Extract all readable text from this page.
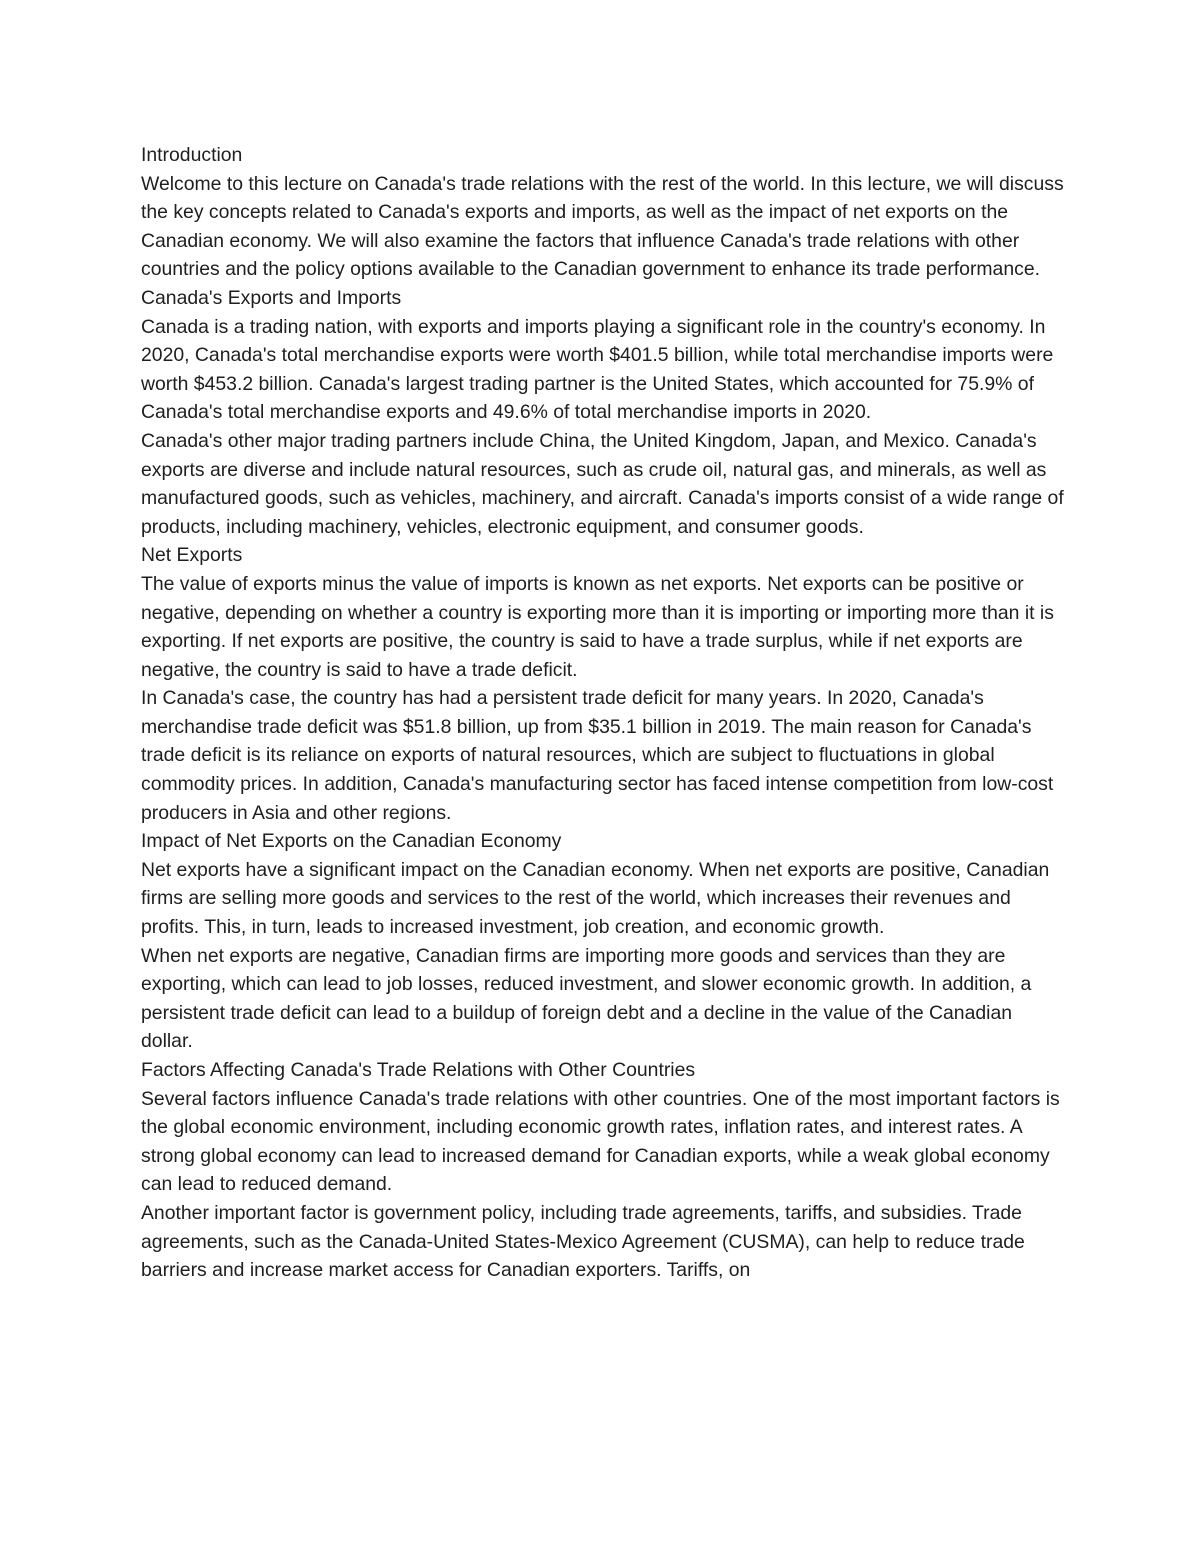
Introduction

Welcome to this lecture on Canada's trade relations with the rest of the world. In this lecture, we will discuss the key concepts related to Canada's exports and imports, as well as the impact of net exports on the Canadian economy. We will also examine the factors that influence Canada's trade relations with other countries and the policy options available to the Canadian government to enhance its trade performance.

Canada's Exports and Imports

Canada is a trading nation, with exports and imports playing a significant role in the country's economy. In 2020, Canada's total merchandise exports were worth $401.5 billion, while total merchandise imports were worth $453.2 billion. Canada's largest trading partner is the United States, which accounted for 75.9% of Canada's total merchandise exports and 49.6% of total merchandise imports in 2020.

Canada's other major trading partners include China, the United Kingdom, Japan, and Mexico. Canada's exports are diverse and include natural resources, such as crude oil, natural gas, and minerals, as well as manufactured goods, such as vehicles, machinery, and aircraft. Canada's imports consist of a wide range of products, including machinery, vehicles, electronic equipment, and consumer goods.

Net Exports

The value of exports minus the value of imports is known as net exports. Net exports can be positive or negative, depending on whether a country is exporting more than it is importing or importing more than it is exporting. If net exports are positive, the country is said to have a trade surplus, while if net exports are negative, the country is said to have a trade deficit.

In Canada's case, the country has had a persistent trade deficit for many years. In 2020, Canada's merchandise trade deficit was $51.8 billion, up from $35.1 billion in 2019. The main reason for Canada's trade deficit is its reliance on exports of natural resources, which are subject to fluctuations in global commodity prices. In addition, Canada's manufacturing sector has faced intense competition from low-cost producers in Asia and other regions.

Impact of Net Exports on the Canadian Economy

Net exports have a significant impact on the Canadian economy. When net exports are positive, Canadian firms are selling more goods and services to the rest of the world, which increases their revenues and profits. This, in turn, leads to increased investment, job creation, and economic growth.

When net exports are negative, Canadian firms are importing more goods and services than they are exporting, which can lead to job losses, reduced investment, and slower economic growth. In addition, a persistent trade deficit can lead to a buildup of foreign debt and a decline in the value of the Canadian dollar.

Factors Affecting Canada's Trade Relations with Other Countries

Several factors influence Canada's trade relations with other countries. One of the most important factors is the global economic environment, including economic growth rates, inflation rates, and interest rates. A strong global economy can lead to increased demand for Canadian exports, while a weak global economy can lead to reduced demand.

Another important factor is government policy, including trade agreements, tariffs, and subsidies. Trade agreements, such as the Canada-United States-Mexico Agreement (CUSMA), can help to reduce trade barriers and increase market access for Canadian exporters. Tariffs, on
